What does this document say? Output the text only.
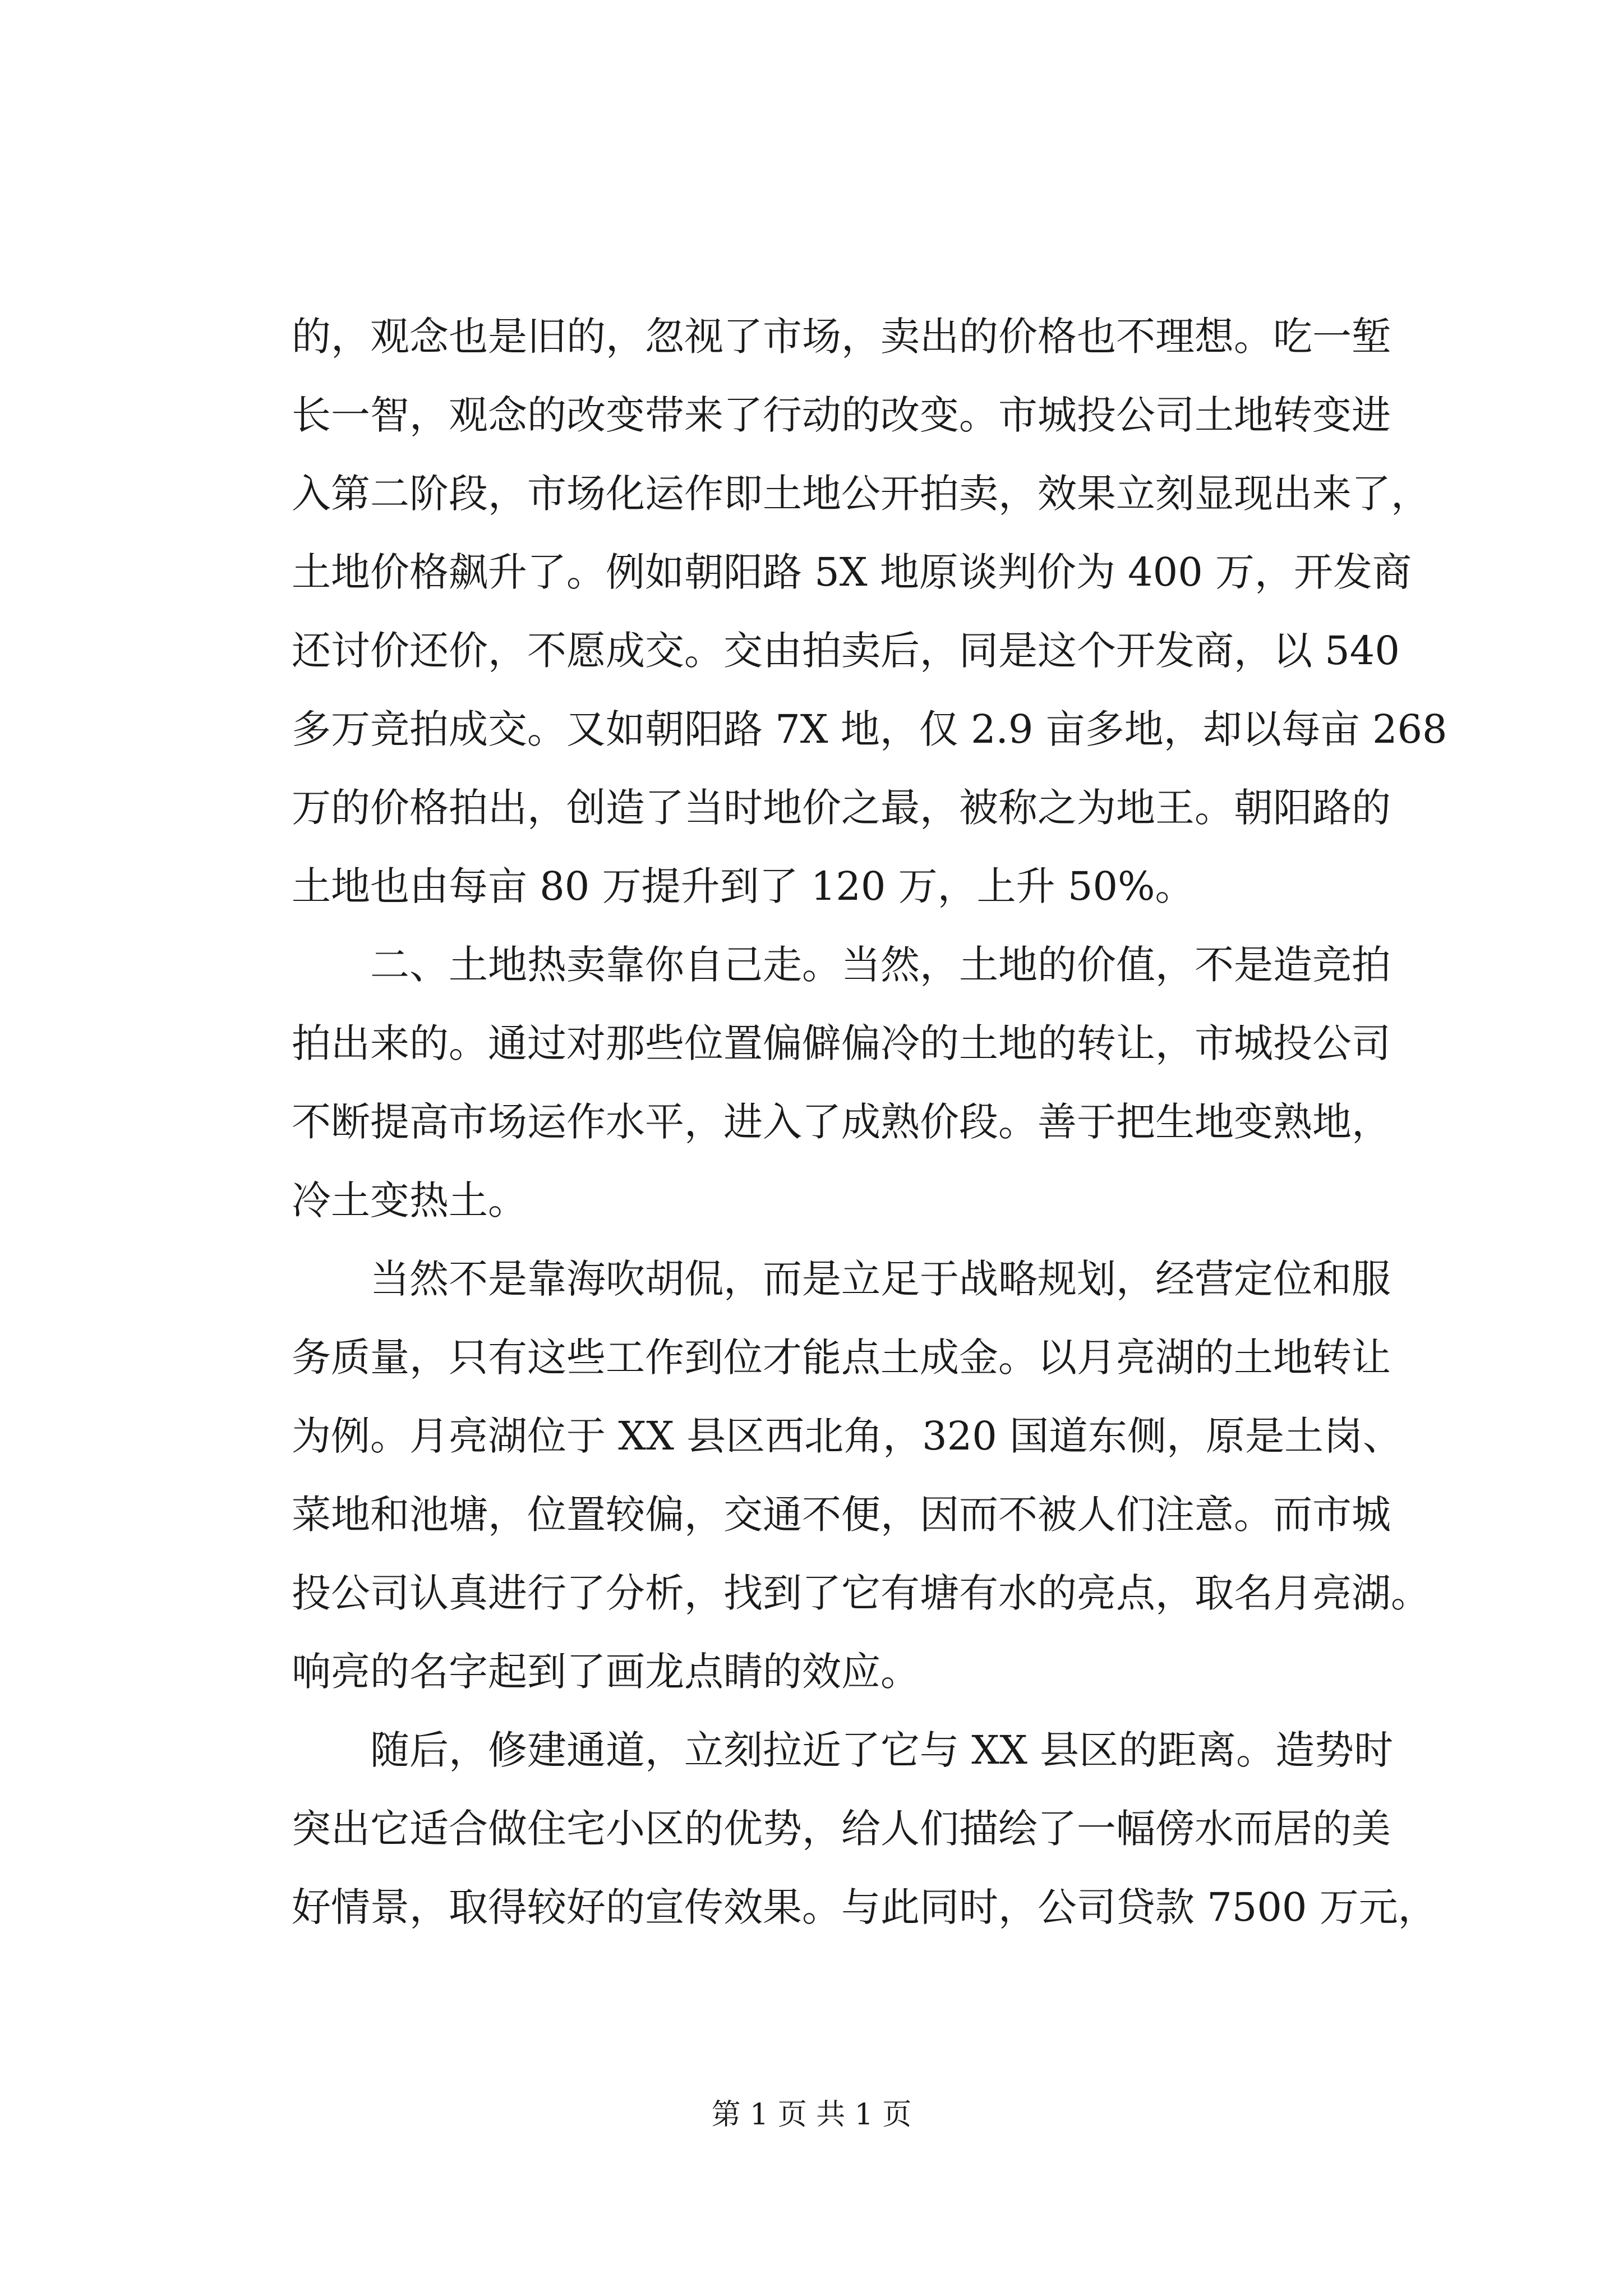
的，观念也是旧的，忽视了市场，卖出的价格也不理想。吃一堑
长一智，观念的改变带来了行动的改变。市城投公司土地转变进
入第二阶段，市场化运作即土地公开拍卖，效果立刻显现出来了，
土地价格飙升了。例如朝阳路 5X 地原谈判价为 400 万，开发商
还讨价还价，不愿成交。交由拍卖后，同是这个开发商，以 540
多万竞拍成交。又如朝阳路 7X 地，仅 2.9 亩多地，却以每亩 268
万的价格拍出，创造了当时地价之最，被称之为地王。朝阳路的
土地也由每亩 80 万提升到了 120 万，上升 50%。
二、土地热卖靠你自己走。当然，土地的价值，不是造竞拍
拍出来的。通过对那些位置偏僻偏冷的土地的转让，市城投公司
不断提高市场运作水平，进入了成熟价段。善于把生地变熟地，
冷土变热土。
当然不是靠海吹胡侃，而是立足于战略规划，经营定位和服
务质量，只有这些工作到位才能点土成金。以月亮湖的土地转让
为例。月亮湖位于 XX 县区西北角，320 国道东侧，原是土岗、
菜地和池塘，位置较偏，交通不便，因而不被人们注意。而市城
投公司认真进行了分析，找到了它有塘有水的亮点，取名月亮湖。
响亮的名字起到了画龙点睛的效应。
随后，修建通道，立刻拉近了它与 XX 县区的距离。造势时
突出它适合做住宅小区的优势，给人们描绘了一幅傍水而居的美
好情景，取得较好的宣传效果。与此同时，公司贷款 7500 万元，
第 1 页 共 1 页
